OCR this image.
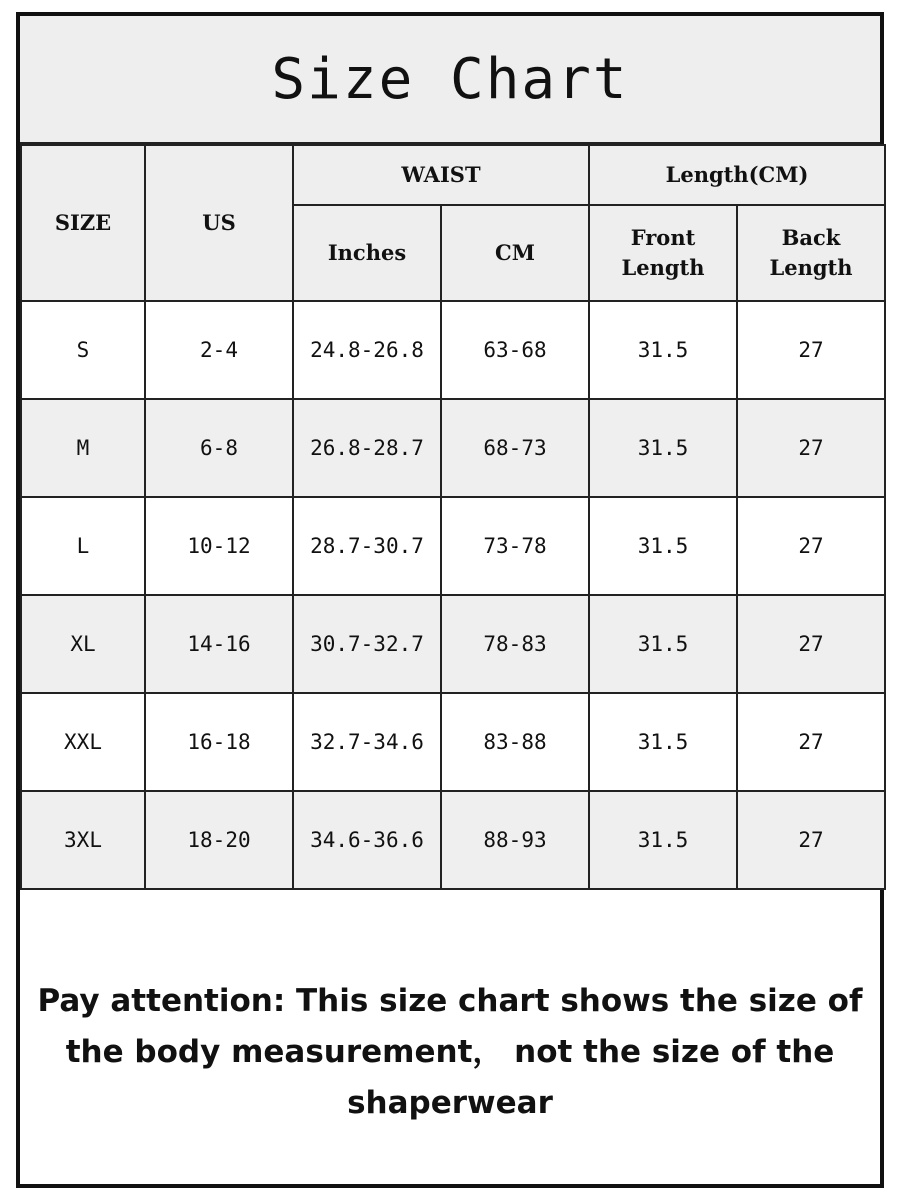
Size Chart
SIZE	US	WAIST		Length(CM)	
		Inches	CM	Front Length	Back Length
S	2-4	24.8-26.8	63-68	31.5	27
M	6-8	26.8-28.7	68-73	31.5	27
L	10-12	28.7-30.7	73-78	31.5	27
XL	14-16	30.7-32.7	78-83	31.5	27
XXL	16-18	32.7-34.6	83-88	31.5	27
3XL	18-20	34.6-36.6	88-93	31.5	27
Pay attention: This size chart shows the size of the body measurement， not the size of the shaperwear
